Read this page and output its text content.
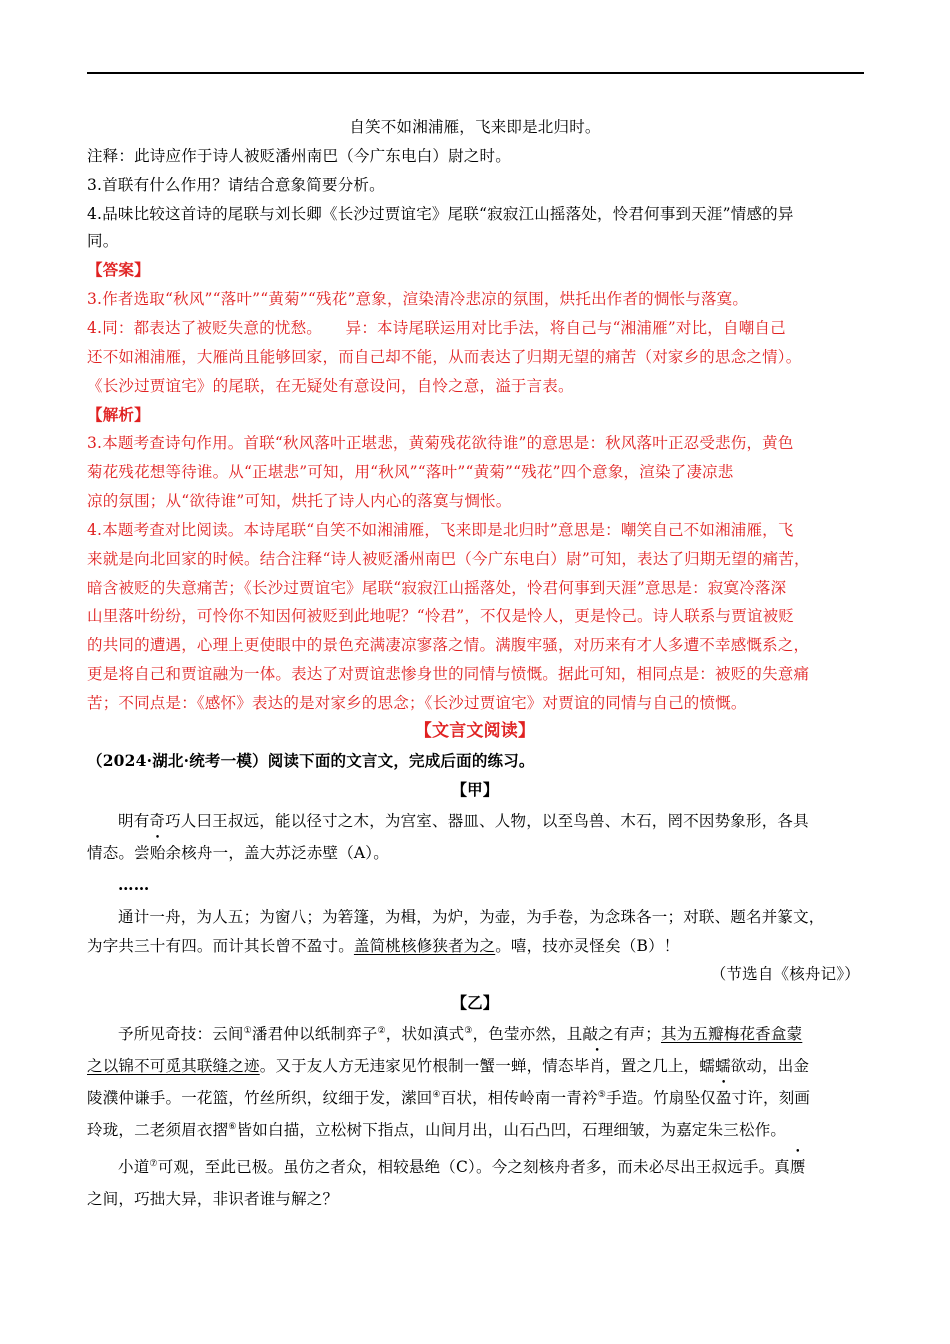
自笑不如湘浦雁，飞来即是北归时。
注释：此诗应作于诗人被贬潘州南巴（今广东电白）尉之时。
3.首联有什么作用？请结合意象简要分析。
4.品味比较这首诗的尾联与刘长卿《长沙过贾谊宅》尾联“寂寂江山摇落处，怜君何事到天涯”情感的异
同。
【答案】
3.作者选取“秋风”“落叶”“黄菊”“残花”意象，渲染清冷悲凉的氛围，烘托出作者的惆怅与落寞。
4.同：都表达了被贬失意的忧愁。　　异：本诗尾联运用对比手法，将自己与“湘浦雁”对比，自嘲自己
还不如湘浦雁，大雁尚且能够回家，而自己却不能，从而表达了归期无望的痛苦（对家乡的思念之情）。
《长沙过贾谊宅》的尾联，在无疑处有意设问，自怜之意，溢于言表。
【解析】
3.本题考查诗句作用。首联“秋风落叶正堪悲，黄菊残花欲待谁”的意思是：秋风落叶正忍受悲伤，黄色
菊花残花想等待谁。从“正堪悲”可知，用“秋风”“落叶”“黄菊”“残花”四个意象，渲染了凄凉悲
凉的氛围；从“欲待谁”可知，烘托了诗人内心的落寞与惆怅。
4.本题考查对比阅读。本诗尾联“自笑不如湘浦雁，飞来即是北归时”意思是：嘲笑自己不如湘浦雁，飞
来就是向北回家的时候。结合注释“诗人被贬潘州南巴（今广东电白）尉”可知，表达了归期无望的痛苦，
暗含被贬的失意痛苦；《长沙过贾谊宅》尾联“寂寂江山摇落处，怜君何事到天涯”意思是：寂寞冷落深
山里落叶纷纷，可怜你不知因何被贬到此地呢？“怜君”，不仅是怜人，更是怜己。诗人联系与贾谊被贬
的共同的遭遇，心理上更使眼中的景色充满凄凉寥落之情。满腹牢骚，对历来有才人多遭不幸感慨系之，
更是将自己和贾谊融为一体。表达了对贾谊悲惨身世的同情与愤慨。据此可知，相同点是：被贬的失意痛
苦；不同点是：《感怀》表达的是对家乡的思念；《长沙过贾谊宅》对贾谊的同情与自己的愤慨。
【文言文阅读】
（2024·湖北·统考一模）阅读下面的文言文，完成后面的练习。
【甲】
明有奇巧人曰王叔远，能以径寸之木，为宫室、器皿、人物，以至鸟兽、木石，罔不因势象形，各具
情态。尝贻余核舟一，盖大苏泛赤壁（A）。
……
通计一舟，为人五；为窗八；为箬篷，为楫，为炉，为壶，为手卷，为念珠各一；对联、题名并篆文，
为字共三十有四。而计其长曾不盈寸。盖简桃核修狭者为之。嘻，技亦灵怪矣（B）！
（节选自《核舟记》）
【乙】
予所见奇技：云间①潘君仲以纸制弈子②，状如滇式③，色莹亦然，且敲之有声；其为五瓣梅花香盒蒙
之以锦不可觅其联缝之迹。又于友人方无违家见竹根制一蟹一蝉，情态毕肖，置之几上，蠕蠕欲动，出金
陵濮仲谦手。一花篮，竹丝所织，纹细于发，潆回④百状，相传岭南一青衿⑤手造。竹扇坠仅盈寸许，刻画
玲珑，二老须眉衣摺⑥皆如白描，立松树下指点，山间月出，山石凸凹，石理细皱，为嘉定朱三松作。
小道⑦可观，至此已极。虽仿之者众，相较悬绝（C）。今之刻核舟者多，而未必尽出王叔远手。真赝
之间，巧拙大异，非识者谁与解之？
